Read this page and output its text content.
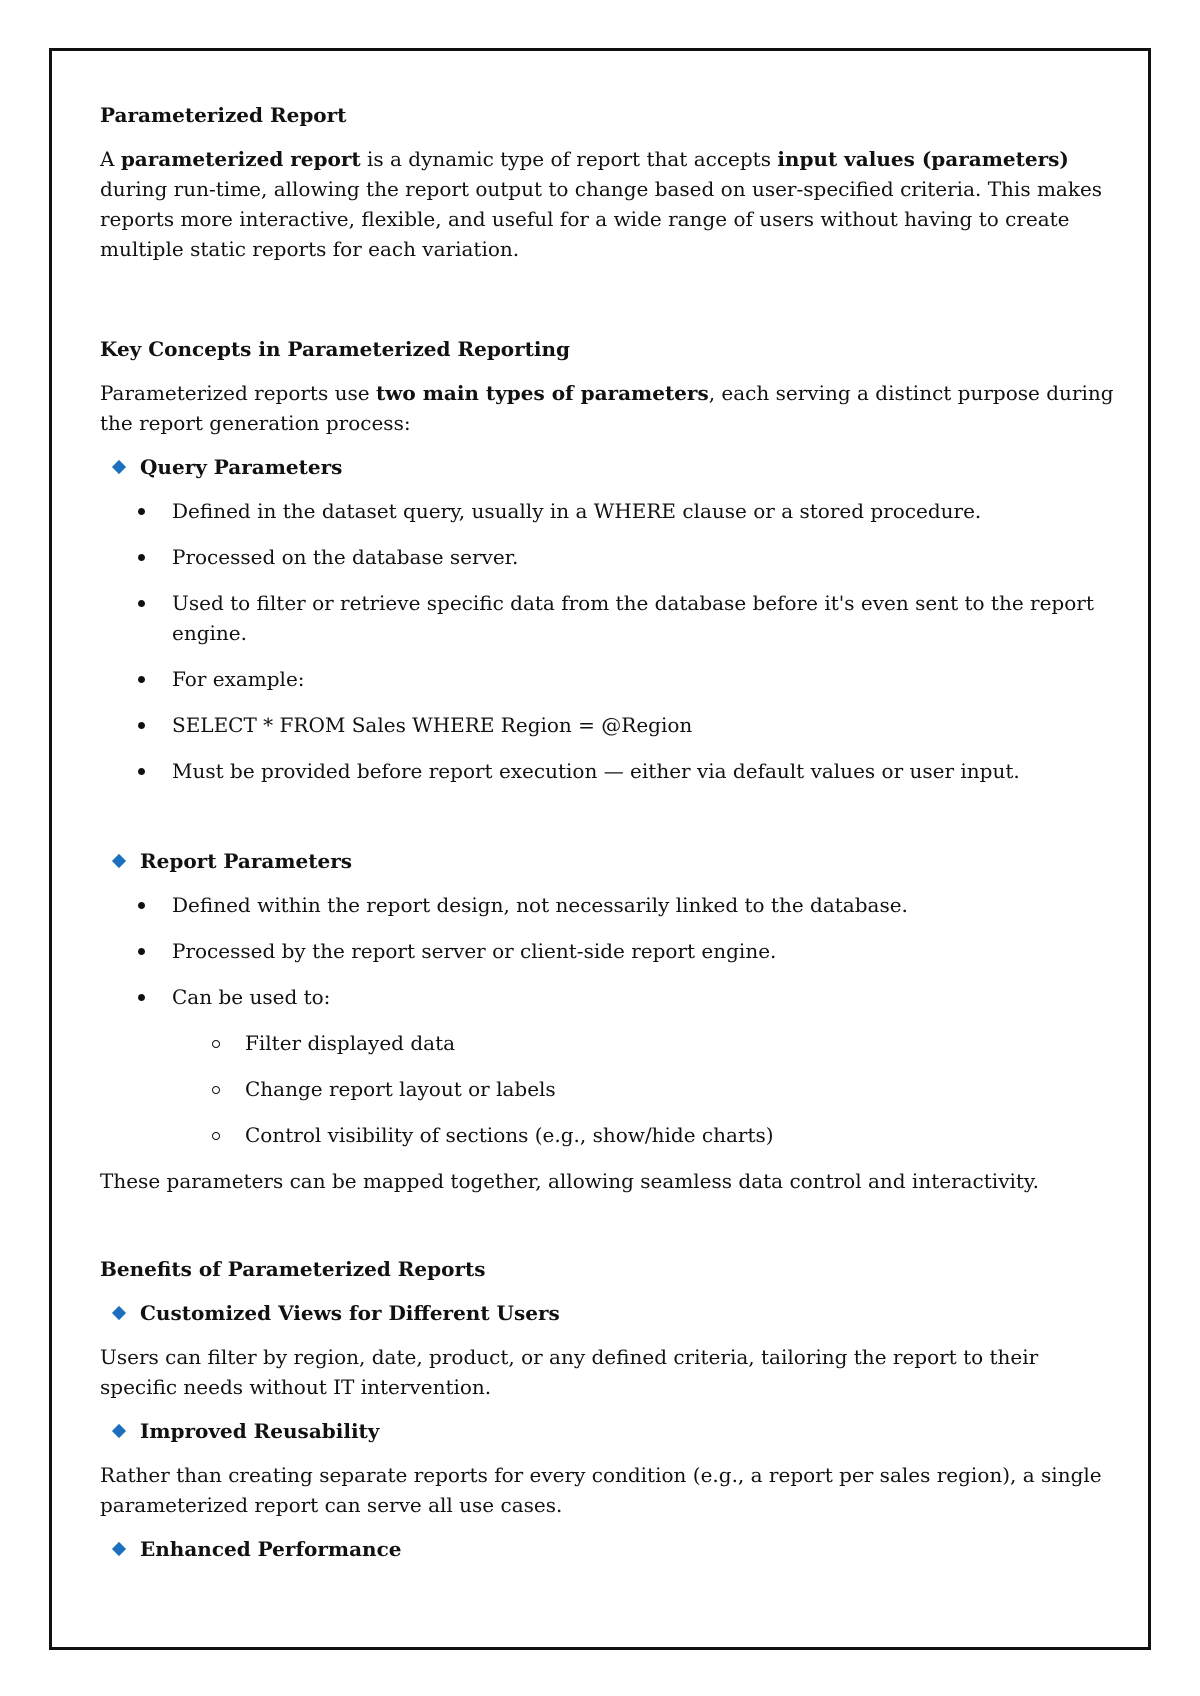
Parameterized Report
A parameterized report is a dynamic type of report that accepts input values (parameters) during run-time, allowing the report output to change based on user-specified criteria. This makes reports more interactive, flexible, and useful for a wide range of users without having to create multiple static reports for each variation.
Key Concepts in Parameterized Reporting
Parameterized reports use two main types of parameters, each serving a distinct purpose during the report generation process:
Query Parameters
Defined in the dataset query, usually in a WHERE clause or a stored procedure.
Processed on the database server.
Used to filter or retrieve specific data from the database before it's even sent to the report engine.
For example:
SELECT * FROM Sales WHERE Region = @Region
Must be provided before report execution — either via default values or user input.
Report Parameters
Defined within the report design, not necessarily linked to the database.
Processed by the report server or client-side report engine.
Can be used to:
Filter displayed data
Change report layout or labels
Control visibility of sections (e.g., show/hide charts)
These parameters can be mapped together, allowing seamless data control and interactivity.
Benefits of Parameterized Reports
Customized Views for Different Users
Users can filter by region, date, product, or any defined criteria, tailoring the report to their specific needs without IT intervention.
Improved Reusability
Rather than creating separate reports for every condition (e.g., a report per sales region), a single parameterized report can serve all use cases.
Enhanced Performance
